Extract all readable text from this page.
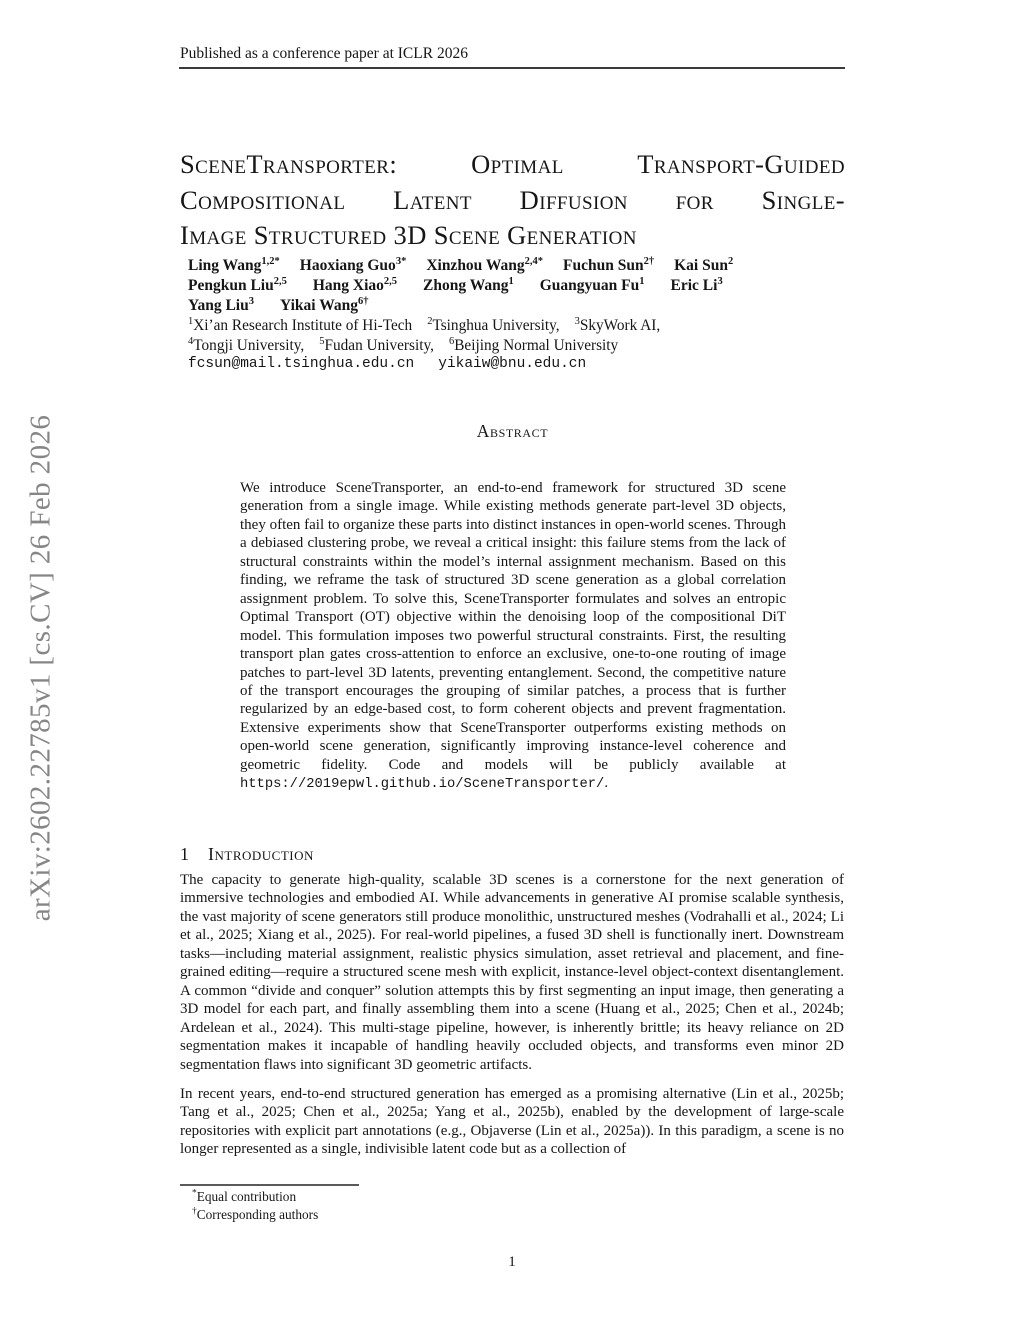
Published as a conference paper at ICLR 2026
arXiv:2602.22785v1 [cs.CV] 26 Feb 2026
SceneTransporter: Optimal Transport-Guided
Compositional Latent Diffusion for Single-
Image Structured 3D Scene Generation
Ling Wang$^{1,2*}$ Haoxiang Guo$^{3*}$ Xinzhou Wang$^{2,4*}$ Fuchun Sun$^{2\dagger}$ Kai Sun$^2$
Pengkun Liu$^{2,5}$ Hang Xiao$^{2,5}$ Zhong Wang$^1$ Guangyuan Fu$^1$ Eric Li$^3$
Yang Liu$^3$ Yikai Wang$^{6\dagger}$
$^1$Xi’an Research Institute of Hi-Tech $^2$Tsinghua University, $^3$SkyWork AI,
$^4$Tongji University, $^5$Fudan University, $^6$Beijing Normal University
fcsun@mail.tsinghua.edu.cn yikaiw@bnu.edu.cn
Abstract

We introduce SceneTransporter, an end-to-end framework for structured 3D scene generation from a single image. While existing methods generate part-level 3D objects, they often fail to organize these parts into distinct instances in open-world scenes. Through a debiased clustering probe, we reveal a critical insight: this failure stems from the lack of structural constraints within the model’s internal assignment mechanism. Based on this finding, we reframe the task of structured 3D scene generation as a global correlation assignment problem. To solve this, SceneTransporter formulates and solves an entropic Optimal Transport (OT) objective within the denoising loop of the compositional DiT model. This formulation imposes two powerful structural constraints. First, the resulting transport plan gates cross-attention to enforce an exclusive, one-to-one routing of image patches to part-level 3D latents, preventing entanglement. Second, the competitive nature of the transport encourages the grouping of similar patches, a process that is further regularized by an edge-based cost, to form coherent objects and prevent fragmentation. Extensive experiments show that SceneTransporter outperforms existing methods on open-world scene generation, significantly improving instance-level coherence and geometric fidelity. Code and models will be publicly available at https://2019epwl.github.io/SceneTransporter/.

1 Introduction

The capacity to generate high-quality, scalable 3D scenes is a cornerstone for the next generation of immersive technologies and embodied AI. While advancements in generative AI promise scalable synthesis, the vast majority of scene generators still produce monolithic, unstructured meshes (Vodrahalli et al., 2024; Li et al., 2025; Xiang et al., 2025). For real-world pipelines, a fused 3D shell is functionally inert. Downstream tasks—including material assignment, realistic physics simulation, asset retrieval and placement, and fine-grained editing—require a structured scene mesh with explicit, instance-level object-context disentanglement. A common “divide and conquer” solution attempts this by first segmenting an input image, then generating a 3D model for each part, and finally assembling them into a scene (Huang et al., 2025; Chen et al., 2024b; Ardelean et al., 2024). This multi-stage pipeline, however, is inherently brittle; its heavy reliance on 2D segmentation makes it incapable of handling heavily occluded objects, and transforms even minor 2D segmentation flaws into significant 3D geometric artifacts.

In recent years, end-to-end structured generation has emerged as a promising alternative (Lin et al., 2025b; Tang et al., 2025; Chen et al., 2025a; Yang et al., 2025b), enabled by the development of large-scale repositories with explicit part annotations (e.g., Objaverse (Lin et al., 2025a)). In this paradigm, a scene is no longer represented as a single, indivisible latent code but as a collection of

*Equal contribution
†Corresponding authors
1
